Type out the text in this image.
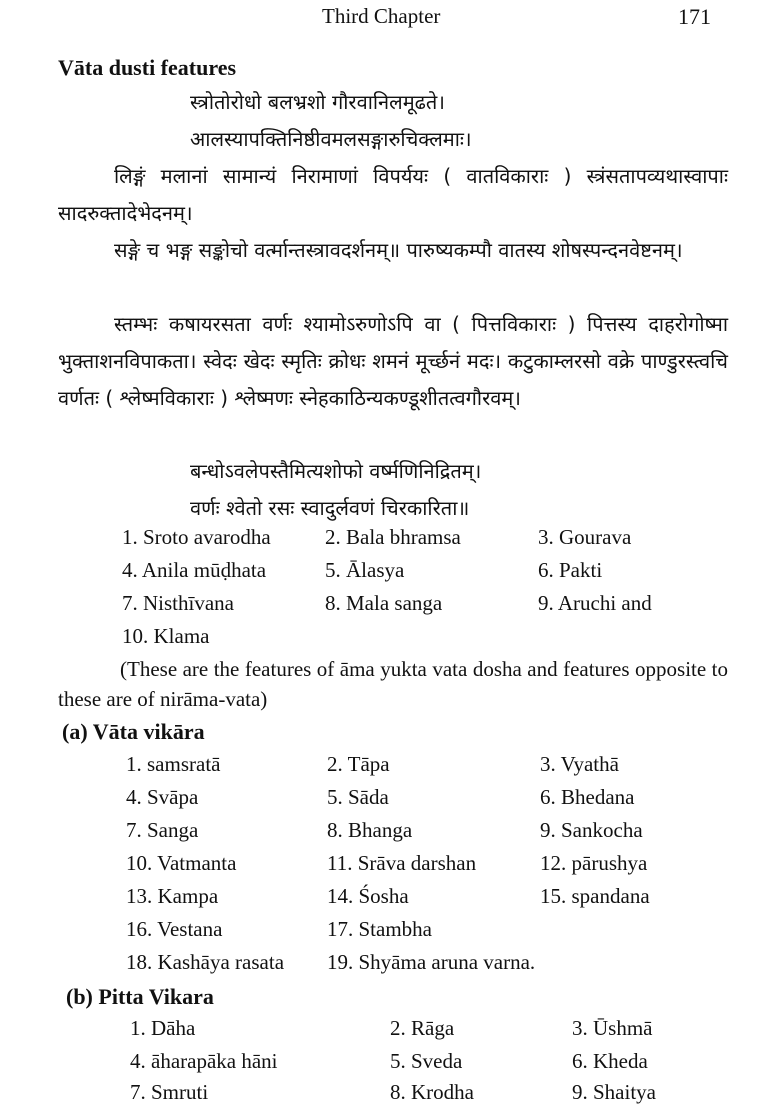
Third Chapter	171
Vāta dusti features
स्त्रोतोरोधो बलभ्रशो गौरवानिलमूढते।
आलस्यापक्तिनिष्ठीवमलसङ्गारुचिक्लमाः।
लिङ्गं मलानां सामान्यं निरामाणां विपर्ययः ( वातविकाराः ) स्त्रंसतापव्यथास्वापाः सादरुक्तादेभेदनम्।
सङ्गे च भङ्ग सङ्कोचो वर्त्मान्तस्त्रावदर्शनम्॥ पारुष्यकम्पौ वातस्य शोषस्पन्दनवेष्टनम्।
स्तम्भः कषायरसता वर्णः श्यामोऽरुणोऽपि वा ( पित्तविकाराः ) पित्तस्य दाहरोगोष्मा भुक्ताशनविपाकता। स्वेदः खेदः स्मृतिः क्रोधः शमनं मूर्च्छनं मदः। कटुकाम्लरसो वक्रे पाण्डुरस्त्वचि वर्णतः ( श्लेष्मविकाराः ) श्लेष्मणः स्नेहकाठिन्यकण्डूशीतत्वगौरवम्।
बन्धोऽवलेपस्तैमित्यशोफो वर्ष्मणिनिद्रितम्।
वर्णः श्वेतो रसः स्वादुर्लवणं चिरकारिता॥
1. Sroto avarodha	2. Bala bhramsa	3. Gourava
4. Anila mūḍhata	5. Ālasya	6. Pakti
7. Nisthīvana	8. Mala sanga	9. Aruchi and
10. Klama
(These are the features of āma yukta vata dosha and features opposite to these are of nirāma-vata)
(a) Vāta vikāra
1. samsratā	2. Tāpa	3. Vyathā
4. Svāpa	5. Sāda	6. Bhedana
7. Sanga	8. Bhanga	9. Sankocha
10. Vatmanta	11. Srāva darshan	12. pārushya
13. Kampa	14. Śosha	15. spandana
16. Vestana	17. Stambha
18. Kashāya rasata 19. Shyāma aruna varna.
(b) Pitta Vikara
1. Dāha	2. Rāga	3. Ūshmā
4. āharapāka hāni	5. Sveda	6. Kheda
7. Smruti	8. Krodha	9. Shaitya
